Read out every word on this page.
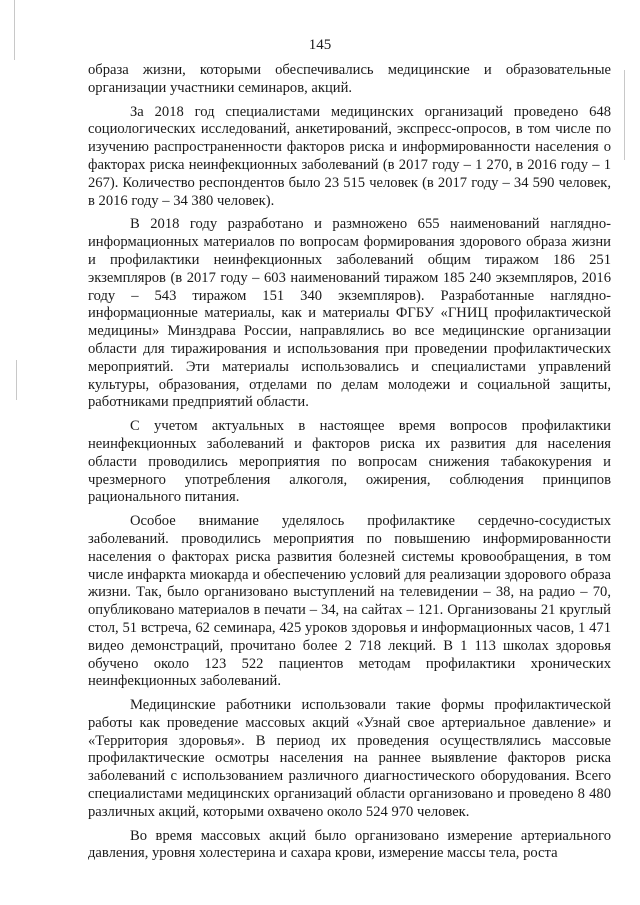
145

образа жизни, которыми обеспечивались медицинские и образовательные организации участники семинаров, акций.

За 2018 год специалистами медицинских организаций проведено 648 социологических исследований, анкетирований, экспресс-опросов, в том числе по изучению распространенности факторов риска и информированности населения о факторах риска неинфекционных заболеваний (в 2017 году – 1 270, в 2016 году – 1 267). Количество респондентов было 23 515 человек (в 2017 году – 34 590 человек, в 2016 году – 34 380 человек).

В 2018 году разработано и размножено 655 наименований наглядно-информационных материалов по вопросам формирования здорового образа жизни и профилактики неинфекционных заболеваний общим тиражом 186 251 экземпляров (в 2017 году – 603 наименований тиражом 185 240 экземпляров, 2016 году – 543 тиражом 151 340 экземпляров). Разработанные наглядно-информационные материалы, как и материалы ФГБУ «ГНИЦ профилактической медицины» Минздрава России, направлялись во все медицинские организации области для тиражирования и использования при проведении профилактических мероприятий. Эти материалы использовались и специалистами управлений культуры, образования, отделами по делам молодежи и социальной защиты, работниками предприятий области.

С учетом актуальных в настоящее время вопросов профилактики неинфекционных заболеваний и факторов риска их развития для населения области проводились мероприятия по вопросам снижения табакокурения и чрезмерного употребления алкоголя, ожирения, соблюдения принципов рационального питания.

Особое внимание уделялось профилактике сердечно-сосудистых заболеваний. проводились мероприятия по повышению информированности населения о факторах риска развития болезней системы кровообращения, в том числе инфаркта миокарда и обеспечению условий для реализации здорового образа жизни. Так, было организовано выступлений на телевидении – 38, на радио – 70, опубликовано материалов в печати – 34, на сайтах – 121. Организованы 21 круглый стол, 51 встреча, 62 семинара, 425 уроков здоровья и информационных часов, 1 471 видео демонстраций, прочитано более 2 718 лекций. В 1 113 школах здоровья обучено около 123 522 пациентов методам профилактики хронических неинфекционных заболеваний.

Медицинские работники использовали такие формы профилактической работы как проведение массовых акций «Узнай свое артериальное давление» и «Территория здоровья». В период их проведения осуществлялись массовые профилактические осмотры населения на раннее выявление факторов риска заболеваний с использованием различного диагностического оборудования. Всего специалистами медицинских организаций области организовано и проведено 8 480 различных акций, которыми охвачено около 524 970 человек.

Во время массовых акций было организовано измерение артериального давления, уровня холестерина и сахара крови, измерение массы тела, роста
